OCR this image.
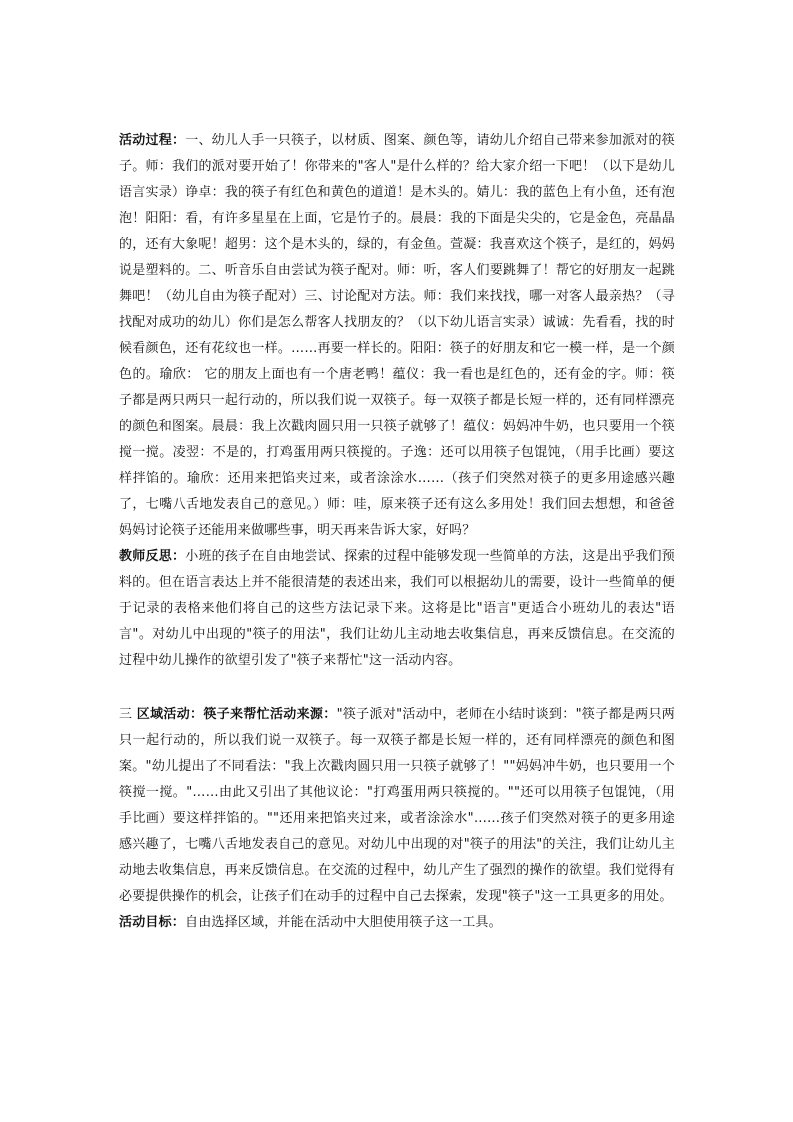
活动过程：一、幼儿人手一只筷子，以材质、图案、颜色等，请幼儿介绍自己带来参加派对的筷子。师：我们的派对要开始了！你带来的"客人"是什么样的？给大家介绍一下吧！（以下是幼儿语言实录）诤卓：我的筷子有红色和黄色的道道！是木头的。婧儿：我的蓝色上有小鱼，还有泡泡！阳阳：看，有许多星星在上面，它是竹子的。晨晨：我的下面是尖尖的，它是金色，亮晶晶的，还有大象呢！超男：这个是木头的，绿的，有金鱼。萱凝：我喜欢这个筷子，是红的，妈妈说是塑料的。二、听音乐自由尝试为筷子配对。师：听，客人们要跳舞了！帮它的好朋友一起跳舞吧！（幼儿自由为筷子配对）三、讨论配对方法。师：我们来找找，哪一对客人最亲热？（寻找配对成功的幼儿）你们是怎么帮客人找朋友的？（以下幼儿语言实录）诚诚：先看看，找的时候看颜色，还有花纹也一样。……再要一样长的。阳阳：筷子的好朋友和它一模一样，是一个颜色的。瑜欣： 它的朋友上面也有一个唐老鸭！蕴仪：我一看也是红色的，还有金的字。师：筷子都是两只两只一起行动的，所以我们说一双筷子。每一双筷子都是长短一样的，还有同样漂亮的颜色和图案。晨晨：我上次戳肉圆只用一只筷子就够了！蕴仪：妈妈冲牛奶，也只要用一个筷搅一搅。凌翌：不是的，打鸡蛋用两只筷搅的。子逸：还可以用筷子包馄饨，（用手比画）要这样拌馅的。瑜欣：还用来把馅夹过来，或者涂涂水……（孩子们突然对筷子的更多用途感兴趣了，七嘴八舌地发表自己的意见。）师：哇，原来筷子还有这么多用处！我们回去想想，和爸爸妈妈讨论筷子还能用来做哪些事，明天再来告诉大家，好吗？

教师反思：小班的孩子在自由地尝试、探索的过程中能够发现一些简单的方法，这是出乎我们预料的。但在语言表达上并不能很清楚的表述出来，我们可以根据幼儿的需要，设计一些简单的便于记录的表格来他们将自己的这些方法记录下来。这将是比"语言"更适合小班幼儿的表达"语言"。对幼儿中出现的"筷子的用法"，我们让幼儿主动地去收集信息，再来反馈信息。在交流的过程中幼儿操作的欲望引发了"筷子来帮忙"这一活动内容。

三 区域活动：筷子来帮忙活动来源："筷子派对"活动中，老师在小结时谈到："筷子都是两只两只一起行动的，所以我们说一双筷子。每一双筷子都是长短一样的，还有同样漂亮的颜色和图案。"幼儿提出了不同看法："我上次戳肉圆只用一只筷子就够了！""妈妈冲牛奶，也只要用一个筷搅一搅。"……由此又引出了其他议论："打鸡蛋用两只筷搅的。""还可以用筷子包馄饨，（用手比画）要这样拌馅的。""还用来把馅夹过来，或者涂涂水"……孩子们突然对筷子的更多用途感兴趣了，七嘴八舌地发表自己的意见。对幼儿中出现的对"筷子的用法"的关注，我们让幼儿主动地去收集信息，再来反馈信息。在交流的过程中，幼儿产生了强烈的操作的欲望。我们觉得有必要提供操作的机会，让孩子们在动手的过程中自己去探索，发现"筷子"这一工具更多的用处。

活动目标：自由选择区域，并能在活动中大胆使用筷子这一工具。
